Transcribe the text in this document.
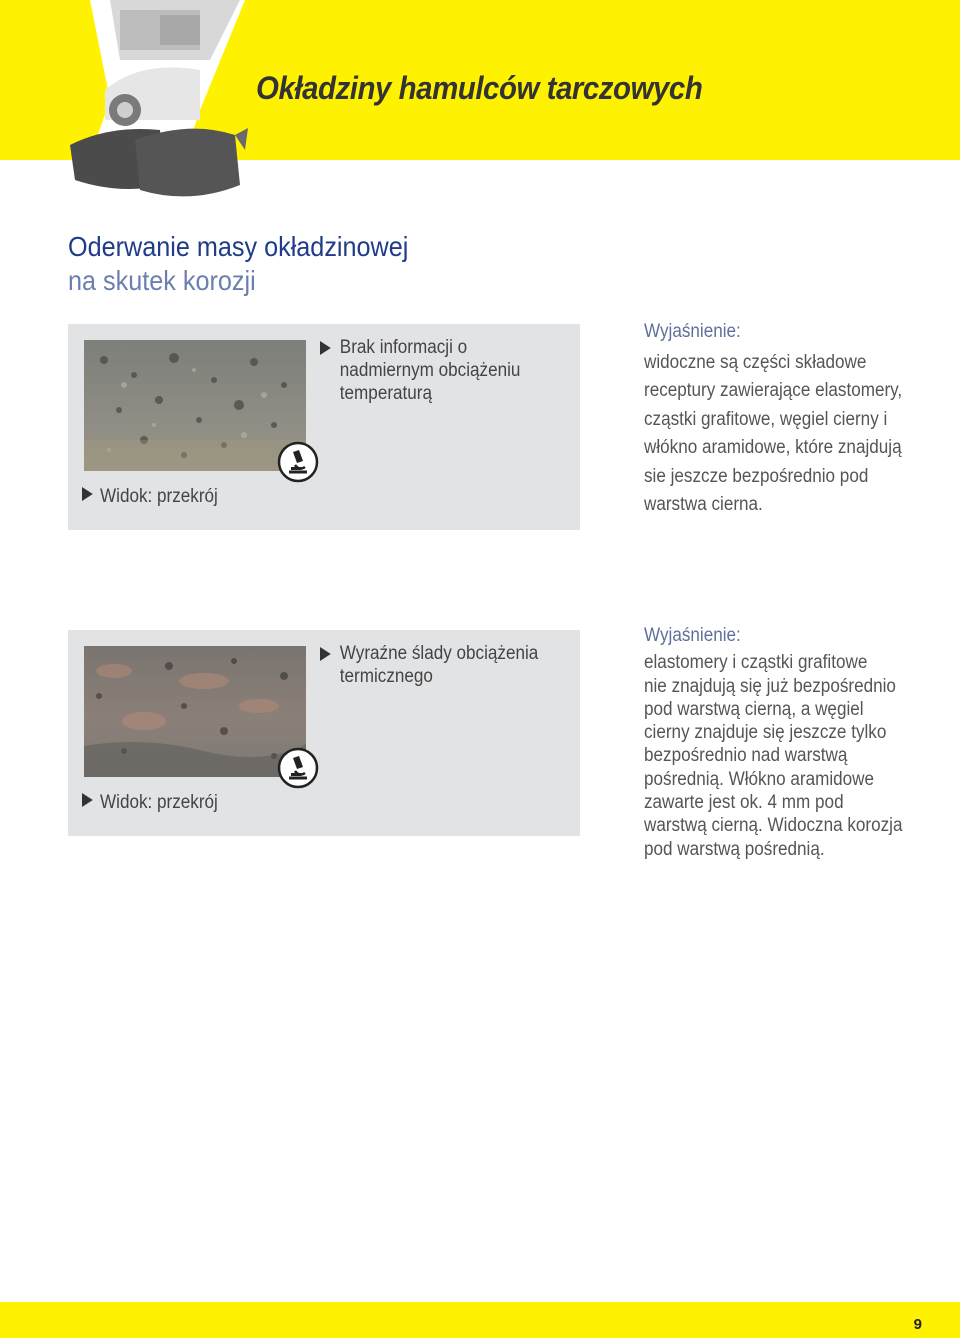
Okładziny hamulców tarczowych
Oderwanie masy okładzinowej
na skutek korozji
Widok: przekrój
Brak informacji o nadmiernym obciążeniu temperaturą
Wyjaśnienie:
widoczne są części składowe
receptury zawierające elastomery,
cząstki grafitowe, węgiel cierny i
włókno aramidowe, które znajdują
sie jeszcze bezpośrednio pod
warstwa cierna.
Widok: przekrój
Wyraźne ślady obciążenia termicznego
Wyjaśnienie:
elastomery i cząstki grafitowe
nie znajdują się już bezpośrednio
pod warstwą cierną, a węgiel
cierny znajduje się jeszcze tylko
bezpośrednio nad warstwą
pośrednią. Włókno aramidowe
zawarte jest ok. 4 mm pod
warstwą cierną. Widoczna korozja
pod warstwą pośrednią.
9
